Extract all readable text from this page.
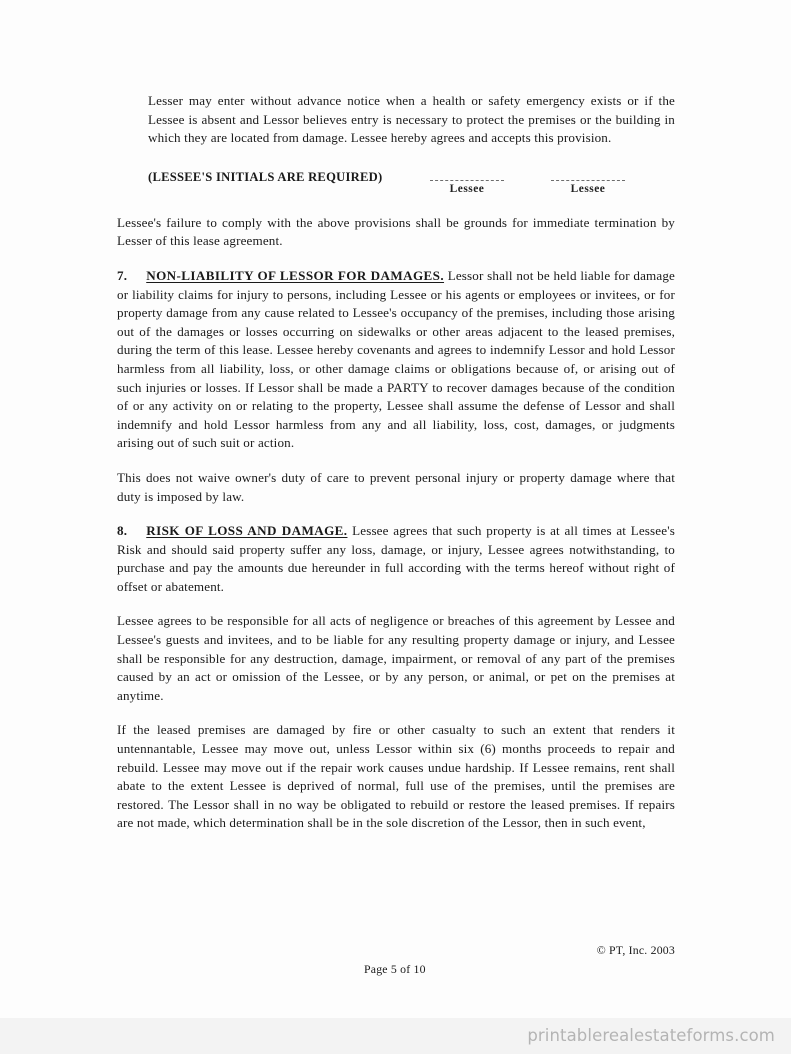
Lesser may enter without advance notice when a health or safety emergency exists or if the Lessee is absent and Lessor believes entry is necessary to protect the premises or the building in which they are located from damage. Lessee hereby agrees and accepts this provision.

(LESSEE'S INITIALS ARE REQUIRED)
Lessee	Lessee

Lessee's failure to comply with the above provisions shall be grounds for immediate termination by Lesser of this lease agreement.

7. NON-LIABILITY OF LESSOR FOR DAMAGES. Lessor shall not be held liable for damage or liability claims for injury to persons, including Lessee or his agents or employees or invitees, or for property damage from any cause related to Lessee's occupancy of the premises, including those arising out of the damages or losses occurring on sidewalks or other areas adjacent to the leased premises, during the term of this lease. Lessee hereby covenants and agrees to indemnify Lessor and hold Lessor harmless from all liability, loss, or other damage claims or obligations because of, or arising out of such injuries or losses. If Lessor shall be made a PARTY to recover damages because of the condition of or any activity on or relating to the property, Lessee shall assume the defense of Lessor and shall indemnify and hold Lessor harmless from any and all liability, loss, cost, damages, or judgments arising out of such suit or action.

This does not waive owner's duty of care to prevent personal injury or property damage where that duty is imposed by law.

8. RISK OF LOSS AND DAMAGE. Lessee agrees that such property is at all times at Lessee's Risk and should said property suffer any loss, damage, or injury, Lessee agrees notwithstanding, to purchase and pay the amounts due hereunder in full according with the terms hereof without right of offset or abatement.

Lessee agrees to be responsible for all acts of negligence or breaches of this agreement by Lessee and Lessee's guests and invitees, and to be liable for any resulting property damage or injury, and Lessee shall be responsible for any destruction, damage, impairment, or removal of any part of the premises caused by an act or omission of the Lessee, or by any person, or animal, or pet on the premises at anytime.

If the leased premises are damaged by fire or other casualty to such an extent that renders it untennantable, Lessee may move out, unless Lessor within six (6) months proceeds to repair and rebuild. Lessee may move out if the repair work causes undue hardship. If Lessee remains, rent shall abate to the extent Lessee is deprived of normal, full use of the premises, until the premises are restored. The Lessor shall in no way be obligated to rebuild or restore the leased premises. If repairs are not made, which determination shall be in the sole discretion of the Lessor, then in such event,

© PT, Inc. 2003
Page 5 of 10
printablerealestateforms.com
